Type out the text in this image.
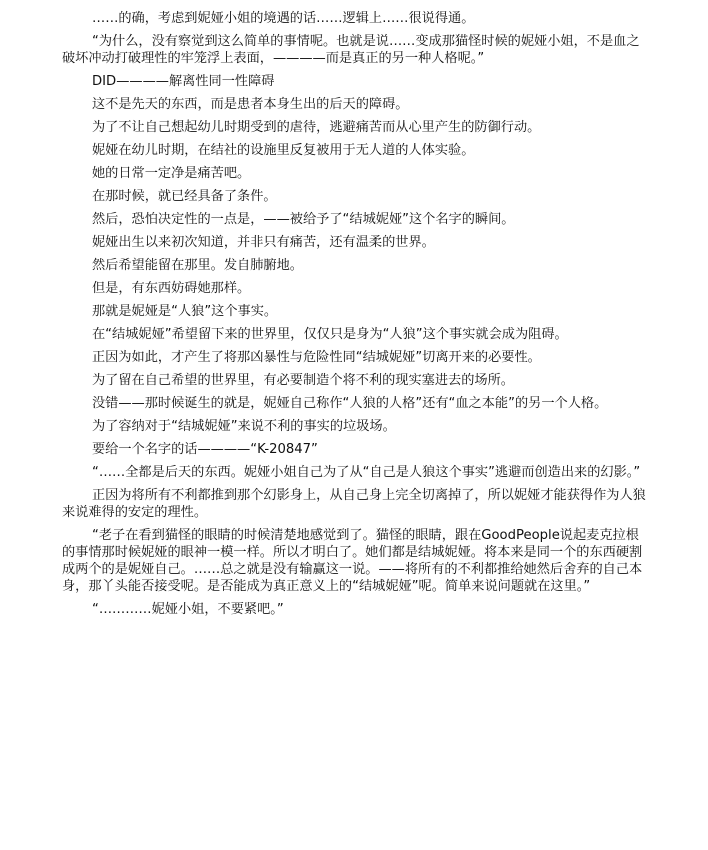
……的确，考虑到妮娅小姐的境遇的话……逻辑上……很说得通。

“为什么，没有察觉到这么简单的事情呢。也就是说……变成那猫怪时候的妮娅小姐，不是血之破坏冲动打破理性的牢笼浮上表面，————而是真正的另一种人格呢。”

DID————解离性同一性障碍

这不是先天的东西，而是患者本身生出的后天的障碍。

为了不让自己想起幼儿时期受到的虐待，逃避痛苦而从心里产生的防御行动。

妮娅在幼儿时期，在结社的设施里反复被用于无人道的人体实验。

她的日常一定净是痛苦吧。

在那时候，就已经具备了条件。

然后，恐怕决定性的一点是，——被给予了“结城妮娅”这个名字的瞬间。

妮娅出生以来初次知道，并非只有痛苦，还有温柔的世界。

然后希望能留在那里。发自肺腑地。

但是，有东西妨碍她那样。

那就是妮娅是“人狼”这个事实。

在“结城妮娅”希望留下来的世界里，仅仅只是身为“人狼”这个事实就会成为阻碍。

正因为如此，才产生了将那凶暴性与危险性同“结城妮娅”切离开来的必要性。

为了留在自己希望的世界里，有必要制造个将不利的现实塞进去的场所。

没错——那时候诞生的就是，妮娅自己称作“人狼的人格”还有“血之本能”的另一个人格。

为了容纳对于“结城妮娅”来说不利的事实的垃圾场。

要给一个名字的话————“K-20847”

“……全都是后天的东西。妮娅小姐自己为了从“自己是人狼这个事实”逃避而创造出来的幻影。”

正因为将所有不利都推到那个幻影身上，从自己身上完全切离掉了，所以妮娅才能获得作为人狼来说难得的安定的理性。

“老子在看到猫怪的眼睛的时候清楚地感觉到了。猫怪的眼睛，跟在GoodPeople说起麦克拉根的事情那时候妮娅的眼神一模一样。所以才明白了。她们都是结城妮娅。将本来是同一个的东西硬割成两个的是妮娅自己。……总之就是没有输赢这一说。——将所有的不利都推给她然后舍弃的自己本身，那丫头能否接受呢。是否能成为真正意义上的“结城妮娅”呢。简单来说问题就在这里。”

“…………妮娅小姐，不要紧吧。”
